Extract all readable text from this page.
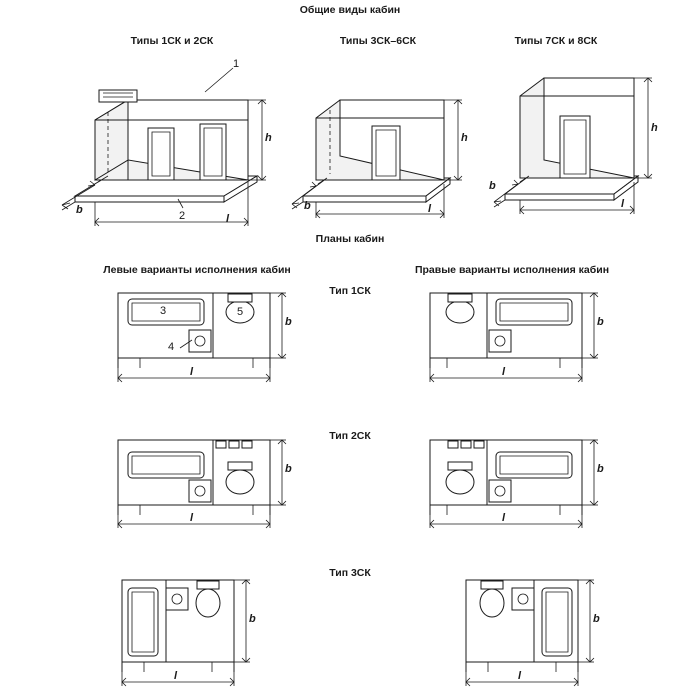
Общие виды кабин
Планы кабин
Типы 1СК и 2СК	Типы 3СК–6СК	Типы 7СК и 8СК
Левые варианты исполнения кабин	Правые варианты исполнения кабин
Тип 1СК
Тип 2СК
Тип 3СК
h
b
l
1
2
h
b	l
h
b
l
b
l
b
l
3
4
5
b
l
b
l
b
l
b
l
